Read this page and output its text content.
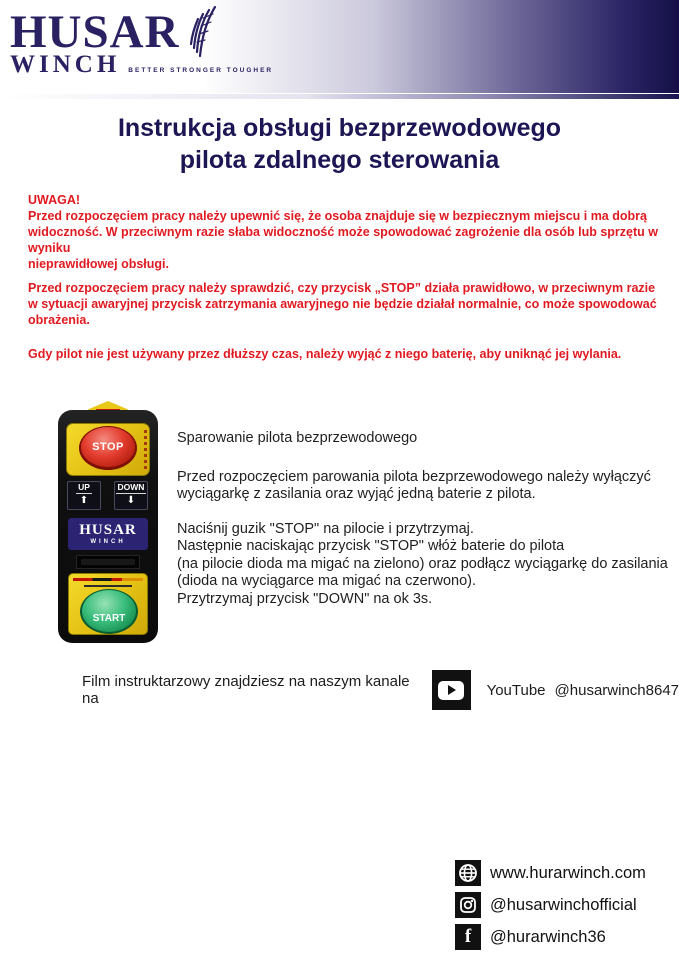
HUSAR
WINCH BETTER STRONGER TOUGHER
Instrukcja obsługi bezprzewodowego
pilota zdalnego sterowania
UWAGA!
Przed rozpoczęciem pracy należy upewnić się, że osoba znajduje się w bezpiecznym miejscu i ma dobrą
widoczność. W przeciwnym razie słaba widoczność może spowodować zagrożenie dla osób lub sprzętu w wyniku
nieprawidłowej obsługi.
Przed rozpoczęciem pracy należy sprawdzić, czy przycisk „STOP” działa prawidłowo, w przeciwnym razie
w sytuacji awaryjnej przycisk zatrzymania awaryjnego nie będzie działał normalnie, co może spowodować obrażenia.
Gdy pilot nie jest używany przez dłuższy czas, należy wyjąć z niego baterię, aby uniknąć jej wylania.
STOP
UP
⬆
DOWN
⬇
HUSAR
WINCH
START
Sparowanie pilota bezprzewodowego
Przed rozpoczęciem parowania pilota bezprzewodowego należy wyłączyć
wyciągarkę z zasilania oraz wyjąć jedną baterie z pilota.
Naciśnij guzik "STOP" na pilocie i przytrzymaj.
Następnie naciskając przycisk "STOP" włóż baterie do pilota
(na pilocie dioda ma migać na zielono) oraz podłącz wyciągarkę do zasilania
(dioda na wyciągarce ma migać na czerwono).
Przytrzymaj przycisk "DOWN" na ok 3s.
Film instruktarzowy znajdziesz na naszym kanale na	YouTube @husarwinch8647
www.hurarwinch.com
@husarwinchofficial
f @hurarwinch36
